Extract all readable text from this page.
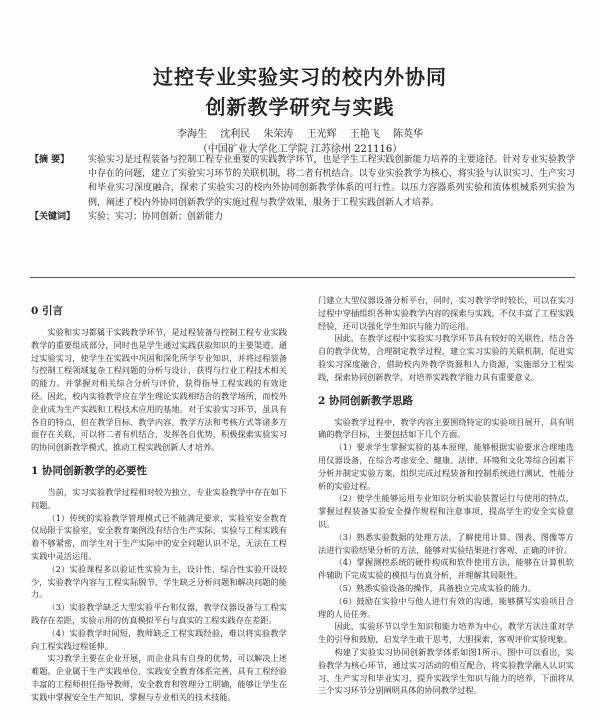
过控专业实验实习的校内外协同
创新教学研究与实践
李海生 沈利民 朱荣涛 王光辉 王艳飞 陈英华
（中国矿业大学化工学院 江苏徐州 221116）
【摘 要】	实验实习是过程装备与控制工程专业重要的实践教学环节，也是学生工程实践创新能力培养的主要途径。针对专业实验教学中存在的问题，建立了实验实习环节的关联机制，将二者有机结合。以专业实验教学为核心，将实验与认识实习、生产实习和毕业实习深度融合，探索了实验实习的校内外协同创新教学体系的可行性。以压力容器系列实验和流体机械系列实验为例，阐述了校内外协同创新教学的实施过程与教学效果，服务于工程实践创新人才培养。
【关键词】	实验；实习；协同创新；创新能力
0 引言

实验和实习都属于实践教学环节，是过程装备与控制工程专业实践教学的重要组成部分，同时也是学生通过实践获取知识的主要渠道。通过实验实习，使学生在实践中巩固和深化所学专业知识，并将过程装备与控制工程领域复杂工程问题的分析与设计，获得与行业工程技术相关的能力。并掌握对相关综合分析与评价，获得指导工程实践的有效途径。因此，校内实验教学应在学生理论实践相结合的教学场所，而校外企业成为生产实践和工程技术应用的基地。对于实验实习环节，虽具有各自的特点，但在教学目标、教学内容、教学方法和考核方式等诸多方面存在关联，可以将二者有机结合，发挥各自优势，积极探索实验实习的协同创新教学模式，推动工程实践创新人才培养。

1 协同创新教学的必要性

当前，实习实验教学过程相对较为独立，专业实验教学中存在如下问题。

（1）传统的实验教学管理模式已不能满足要求，实验室安全教育仅局限于实验室，安全教育案例没有结合生产实际，实验与工程实践有着不够紧密，而学生对于生产实际中的安全问题认识不足，无法在工程实践中灵活运用。

（2）实验课程多以验证性实验为主，设计性、综合性实验开设较少，实验教学内容与工程实际脱节，学生缺乏分析问题和解决问题的能力。

（3）实验教学缺乏大型实验平台和仪器，教学仪器设备与工程实践存在差距，实验示用的仿真模拟平台与真实的工程实践存在差距。

（4）实验教学时间短，教师缺乏工程实践经验，难以将实验教学向工程实践过程延伸。

实习教学主要在企业开展，而企业具有自身的优势，可以解决上述难题。企业属于生产实践单位，实践安全教育体系完善，具有工程经验丰富的工程师担任指导教师，安全教育和管理分工明确，能够让学生在实践中掌握安全生产知识，掌握与专业相关的技术技能。

门建立大型仪器设备分析平台，同时，实习教学学时较长，可以在实习过程中穿插组织各种实验教学内容的探索与实践，不仅丰富了工程实践经验，还可以强化学生知识与能力的运用。

因此，在教学过程中实验实习教学环节具有较好的关联性，结合各自的教学优势，合理制定教学过程，建立实习实验的关联机制，促进实验实习深度融合，借助校内外教学资源和人力资源，实施部分工程实践，探索协同创新教学，对培养实践教学能力具有重要意义。

2 协同创新教学思路

实验教学过程中，教学内容主要围绕特定的实验项目展开，具有明确的教学目标，主要包括如下几个方面。

（1）要求学生掌握实验的基本原理，能够根据实验要求合理地选用仪器设备，在综合考虑安全、健康、法律、环境和文化等综合因素下分析并制定实验方案，组织完成过程装备和控制系统进行测试、性能分析的实验过程。

（2）使学生能够运用专业知识分析实验装置运行与使用的特点，掌握过程装备实验安全操作规程和注意事项，提高学生的安全实验意识。

（3）熟悉实验数据的处理方法，了解使用计算、图表、图像等方法进行实验结果分析的方法，能够对实验结果进行客观、正确的评价。

（4）掌握测控系统的硬件构成和软件使用方法，能够在计算机软件辅助下完成实验的模拟与仿真分析，并理解其局限性。

（5）熟悉实验设备的操作，具备独立完成实验的能力。

（6）鼓励在实验中与他人进行有效的沟通，能够撰写实验项目合理的人员任务。

因此，实验环节以学生知识和能力培养为中心，教学方法注重对学生的引导和鼓励，启发学生敢于思考，大胆探索，客观评价实验现象。

构建了实验实习协同创新教学体系如图1所示。图中可以看出，实验教学为核心环节，通过实习活动的相互配合，将实验教学融入认识实习、生产实习和毕业实习，提升实践学生知识与能力的培养，下面将从三个实习环节分别阐明具体的协同教学过程。
